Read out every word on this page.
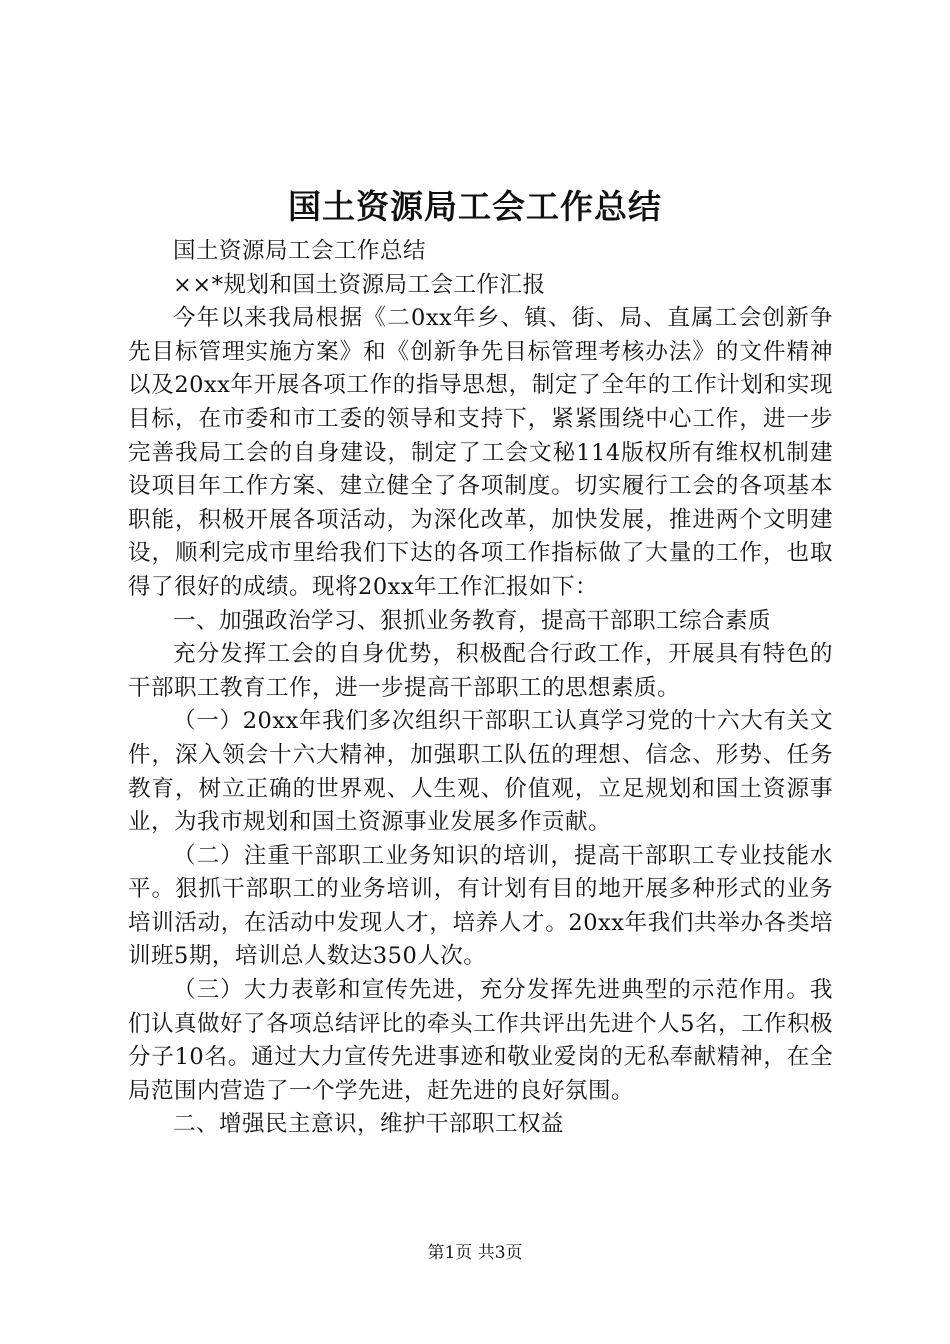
国土资源局工会工作总结

国土资源局工会工作总结

××*规划和国土资源局工会工作汇报

今年以来我局根据《二0xx年乡、镇、街、局、直属工会创新争先目标管理实施方案》和《创新争先目标管理考核办法》的文件精神以及20xx年开展各项工作的指导思想，制定了全年的工作计划和实现目标，在市委和市工委的领导和支持下，紧紧围绕中心工作，进一步完善我局工会的自身建设，制定了工会文秘114版权所有维权机制建设项目年工作方案、建立健全了各项制度。切实履行工会的各项基本职能，积极开展各项活动，为深化改革，加快发展，推进两个文明建设，顺利完成市里给我们下达的各项工作指标做了大量的工作，也取得了很好的成绩。现将20xx年工作汇报如下：

一、加强政治学习、狠抓业务教育，提高干部职工综合素质

充分发挥工会的自身优势，积极配合行政工作，开展具有特色的干部职工教育工作，进一步提高干部职工的思想素质。

（一）20xx年我们多次组织干部职工认真学习党的十六大有关文件，深入领会十六大精神，加强职工队伍的理想、信念、形势、任务教育，树立正确的世界观、人生观、价值观，立足规划和国土资源事业，为我市规划和国土资源事业发展多作贡献。

（二）注重干部职工业务知识的培训，提高干部职工专业技能水平。狠抓干部职工的业务培训，有计划有目的地开展多种形式的业务培训活动，在活动中发现人才，培养人才。20xx年我们共举办各类培训班5期，培训总人数达350人次。

（三）大力表彰和宣传先进，充分发挥先进典型的示范作用。我们认真做好了各项总结评比的牵头工作共评出先进个人5名，工作积极分子10名。通过大力宣传先进事迹和敬业爱岗的无私奉献精神，在全局范围内营造了一个学先进，赶先进的良好氛围。

二、增强民主意识，维护干部职工权益

第1页 共3页
